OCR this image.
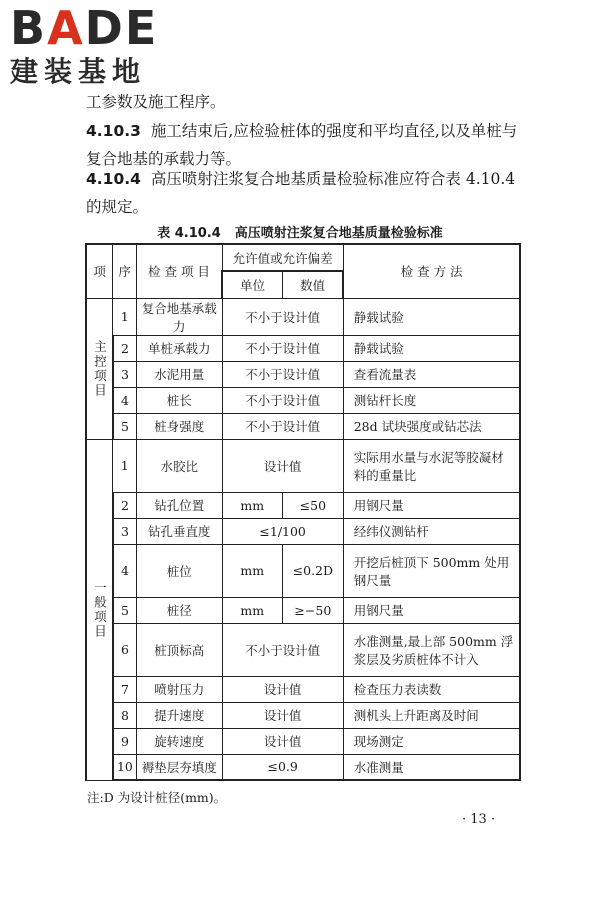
BADE
建装基地
工参数及施工程序。
4.10.3 施工结束后,应检验桩体的强度和平均直径,以及单桩与复合地基的承载力等。
4.10.4 高压喷射注浆复合地基质量检验标准应符合表 4.10.4 的规定。
表 4.10.4 高压喷射注浆复合地基质量检验标准
项	序	检 查 项 目	允许值或允许偏差		检 查 方 法
			单位	数值	

主控项目	1	复合地基承载力	不小于设计值		静载试验
	2	单桩承载力	不小于设计值		静载试验
	3	水泥用量	不小于设计值		查看流量表
	4	桩长	不小于设计值		测钻杆长度
	5	桩身强度	不小于设计值		28d 试块强度或钻芯法

一般项目	1	水胶比	设计值		实际用水量与水泥等胶凝材料的重量比
	2	钻孔位置	mm	≤50	用钢尺量
	3	钻孔垂直度	≤1/100		经纬仪测钻杆
	4	桩位	mm	≤0.2D	开挖后桩顶下 500mm 处用钢尺量
	5	桩径	mm	≥−50	用钢尺量
	6	桩顶标高	不小于设计值		水准测量,最上部 500mm 浮浆层及劣质桩体不计入
	7	喷射压力	设计值		检查压力表读数
	8	提升速度	设计值		测机头上升距离及时间
	9	旋转速度	设计值		现场测定
	10	褥垫层夯填度	≤0.9		水准测量
注:D 为设计桩径(mm)。
· 13 ·
